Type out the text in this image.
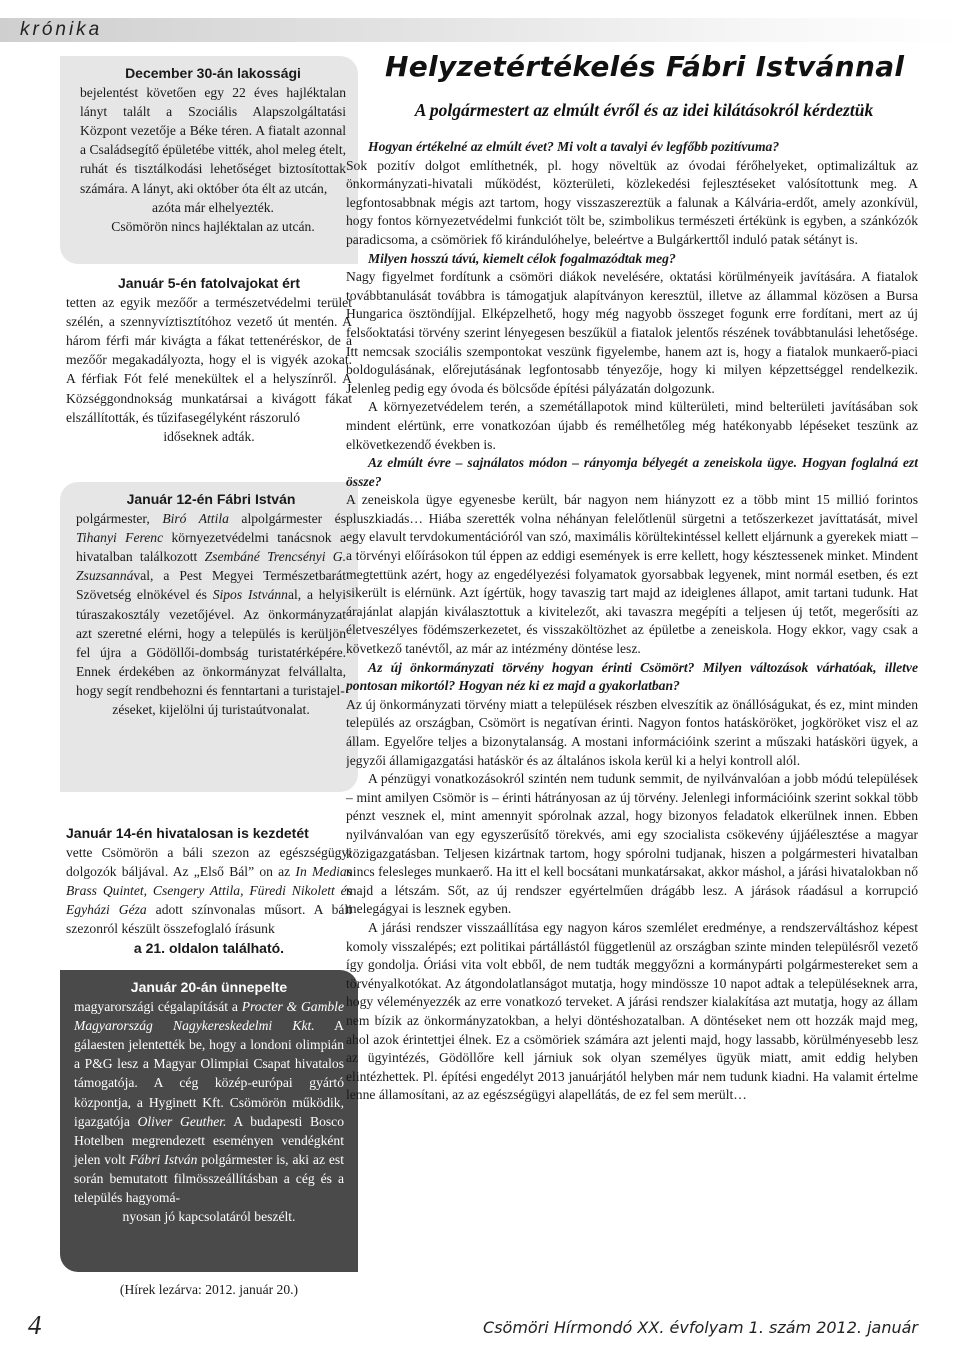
krónika

December 30-án lakossági

bejelentést követően egy 22 éves hajléktalan lányt talált a Szociális Alapszolgáltatási Központ vezetője a Béke téren. A fiatalt azonnal a Családsegítő épületébe vitték, ahol meleg ételt, ruhát és tisztálkodási lehetőséget biztosítottak számára. A lányt, aki október óta élt az utcán,

azóta már elhelyezték.

Csömörön nincs hajléktalan az utcán.

Január 5-én fatolvajokat ért

tetten az egyik mezőőr a természetvédelmi terület szélén, a szennyvíztisztítóhoz vezető út mentén. A három férfi már kivágta a fákat tettenéréskor, de a mezőőr megakadályozta, hogy el is vigyék azokat. A férfiak Fót felé menekültek el a helyszínről. A Községgondnokság munkatársai a kivágott fákat elszállították, és tűzifasegélyként rászoruló

időseknek adták.

Január 12-én Fábri István

polgármester, Biró Attila alpolgármester és Tihanyi Ferenc környezetvédelmi tanácsnok a hivatalban találkozott Zsembáné Trencsényi G. Zsuzsannával, a Pest Megyei Természetbarát Szövetség elnökével és Sipos Istvánnal, a helyi túraszakosztály vezetőjével. Az önkormányzat azt szeretné elérni, hogy a település is kerüljön fel újra a Gödöllői-dombság turistatérképére. Ennek érdekében az önkormányzat felvállalta, hogy segít rendbehozni és fenntartani a turistajel-

zéseket, kijelölni új turistaútvonalat.

Január 14-én hivatalosan is kezdetét

vette Csömörön a báli szezon az egészségügyi dolgozók báljával. Az „Első Bál” on az In Medias Brass Quintet, Csengery Attila, Füredi Nikolett és Egyházi Géza adott színvonalas műsort. A báli szezonról készült összefoglaló írásunk

a 21. oldalon található.

Január 20-án ünnepelte

magyarországi cégalapítását a Procter & Gamble Magyarország Nagykereskedelmi Kkt. A gálaesten jelentették be, hogy a londoni olimpián a P&G lesz a Magyar Olimpiai Csapat hivatalos támogatója. A cég közép-európai gyártó központja, a Hyginett Kft. Csömörön működik, igazgatója Oliver Geuther. A budapesti Bosco Hotelben megrendezett eseményen vendégként jelen volt Fábri István polgármester is, aki az est során bemutatott filmösszeállításban a cég és a település hagyomá-

nyosan jó kapcsolatáról beszélt.

(Hírek lezárva: 2012. január 20.)
Helyzetértékelés Fábri Istvánnal
A polgármestert az elmúlt évről és az idei kilátásokról kérdeztük

Hogyan értékelné az elmúlt évet? Mi volt a tavalyi év legfőbb pozitívuma?

Sok pozitív dolgot említhetnék, pl. hogy növeltük az óvodai férőhelyeket, optimalizáltuk az önkormányzati-hivatali működést, közterületi, közlekedési fejlesztéseket valósítottunk meg. A legfontosabbnak mégis azt tartom, hogy visszaszereztük a falunak a Kálvária-erdőt, amely azonkívül, hogy fontos környezetvédelmi funkciót tölt be, szimbolikus természeti értékünk is egyben, a szánkózók paradicsoma, a csömöriek fő kirándulóhelye, beleértve a Bulgárkerttől induló patak sétányt is.

Milyen hosszú távú, kiemelt célok fogalmazódtak meg?

Nagy figyelmet fordítunk a csömöri diákok nevelésére, oktatási körülményeik javítására. A fiatalok továbbtanulását továbbra is támogatjuk alapítványon keresztül, illetve az állammal közösen a Bursa Hungarica ösztöndíjjal. Elképzelhető, hogy még nagyobb összeget fogunk erre fordítani, mert az új felsőoktatási törvény szerint lényegesen beszűkül a fiatalok jelentős részének továbbtanulási lehetősége. Itt nemcsak szociális szempontokat veszünk figyelembe, hanem azt is, hogy a fiatalok munkaerő-piaci boldogulásának, előrejutásának legfontosabb tényezője, hogy ki milyen képzettséggel rendelkezik. Jelenleg pedig egy óvoda és bölcsőde építési pályázatán dolgozunk.

A környezetvédelem terén, a szemétállapotok mind külterületi, mind belterületi javításában sok mindent elértünk, erre vonatkozóan újabb és remélhetőleg még hatékonyabb lépéseket teszünk az elkövetkezendő években is.

Az elmúlt évre – sajnálatos módon – rányomja bélyegét a zeneiskola ügye. Hogyan foglalná ezt össze?

A zeneiskola ügye egyenesbe került, bár nagyon nem hiányzott ez a több mint 15 millió forintos pluszkiadás… Hiába szerették volna néhányan felelőtlenül sürgetni a tetőszerkezet javíttatását, mivel egy elavult tervdokumentációról van szó, maximális körültekintéssel kellett eljárnunk a gyerekek miatt – a törvényi előírásokon túl éppen az eddigi események is erre kellett, hogy késztessenek minket. Mindent megtettünk azért, hogy az engedélyezési folyamatok gyorsabbak legyenek, mint normál esetben, és ezt sikerült is elérnünk. Azt ígértük, hogy tavaszig tart majd az ideiglenes állapot, amit tartani tudunk. Hat árajánlat alapján kiválasztottuk a kivitelezőt, aki tavaszra megépíti a teljesen új tetőt, megerősíti az életveszélyes födémszerkezetet, és visszaköltözhet az épületbe a zeneiskola. Hogy ekkor, vagy csak a következő tanévtől, az már az intézmény döntése lesz.

Az új önkormányzati törvény hogyan érinti Csömört? Milyen változások várhatóak, illetve pontosan mikortól? Hogyan néz ki ez majd a gyakorlatban?

Az új önkormányzati törvény miatt a települések részben elveszítik az önállóságukat, és ez, mint minden település az országban, Csömört is negatívan érinti. Nagyon fontos hatásköröket, jogköröket visz el az állam. Egyelőre teljes a bizonytalanság. A mostani információink szerint a műszaki hatásköri ügyek, a jegyzői államigazgatási hatáskör és az általános iskola kerül ki a helyi kontroll alól.

A pénzügyi vonatkozásokról szintén nem tudunk semmit, de nyilvánvalóan a jobb módú települések – mint amilyen Csömör is – érinti hátrányosan az új törvény. Jelenlegi információink szerint sokkal több pénzt vesznek el, mint amennyit spórolnak azzal, hogy bizonyos feladatok elkerülnek innen. Ebben nyilvánvalóan van egy egyszerűsítő törekvés, ami egy szocialista csökevény újjáélesztése a magyar közigazgatásban. Teljesen kizártnak tartom, hogy spórolni tudjanak, hiszen a polgármesteri hivatalban nincs felesleges munkaerő. Ha itt el kell bocsátani munkatársakat, akkor máshol, a járási hivatalokban nő majd a létszám. Sőt, az új rendszer egyértelműen drágább lesz. A járások ráadásul a korrupció melegágyai is lesznek egyben.

A járási rendszer visszaállítása egy nagyon káros szemlélet eredménye, a rendszerváltáshoz képest komoly visszalépés; ezt politikai pártállástól függetlenül az országban szinte minden településről vezető így gondolja. Óriási vita volt ebből, de nem tudták meggyőzni a kormánypárti polgármestereket sem a törvényalkotókat. Az átgondolatlanságot mutatja, hogy mindössze 10 napot adtak a településeknek arra, hogy véleményezzék az erre vonatkozó terveket. A járási rendszer kialakítása azt mutatja, hogy az állam nem bízik az önkormányzatokban, a helyi döntéshozatalban. A döntéseket nem ott hozzák majd meg, ahol azok érintettjei élnek. Ez a csömöriek számára azt jelenti majd, hogy lassabb, körülményesebb lesz az ügyintézés, Gödöllőre kell járniuk sok olyan személyes ügyük miatt, amit eddig helyben elintézhettek. Pl. építési engedélyt 2013 januárjától helyben már nem tudunk kiadni. Ha valamit értelme lenne államosítani, az az egészségügyi alapellátás, de ez fel sem merült…

4	Csömöri Hírmondó XX. évfolyam 1. szám 2012. január
